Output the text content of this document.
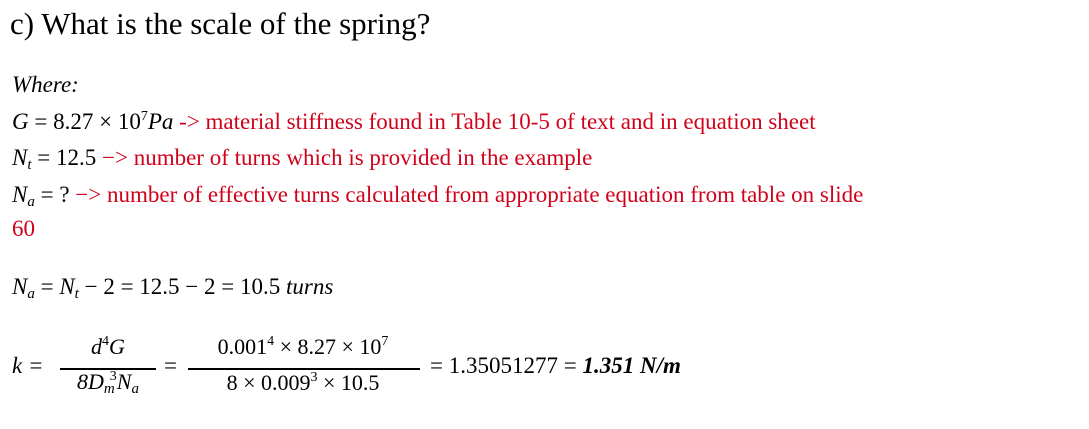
c) What is the scale of the spring?
Where:
$G = 8.27 \times 10^7Pa$ -> material stiffness found in Table 10-5 of text and in equation sheet
$N_t = 12.5$ −> number of turns which is provided in the example
$N_a$ = ? −> number of effective turns calculated from appropriate equation from table on slide
60
$N_a = N_t - 2 = 12.5 - 2 = 10.5$ turns
k =
$d^4G$
$8D_m^3N_a$
=
$0.001^4 \times 8.27 \times 10^7$
$8 \times 0.009^3 \times 10.5$
= 1.35051277 = 1.351 N/m
